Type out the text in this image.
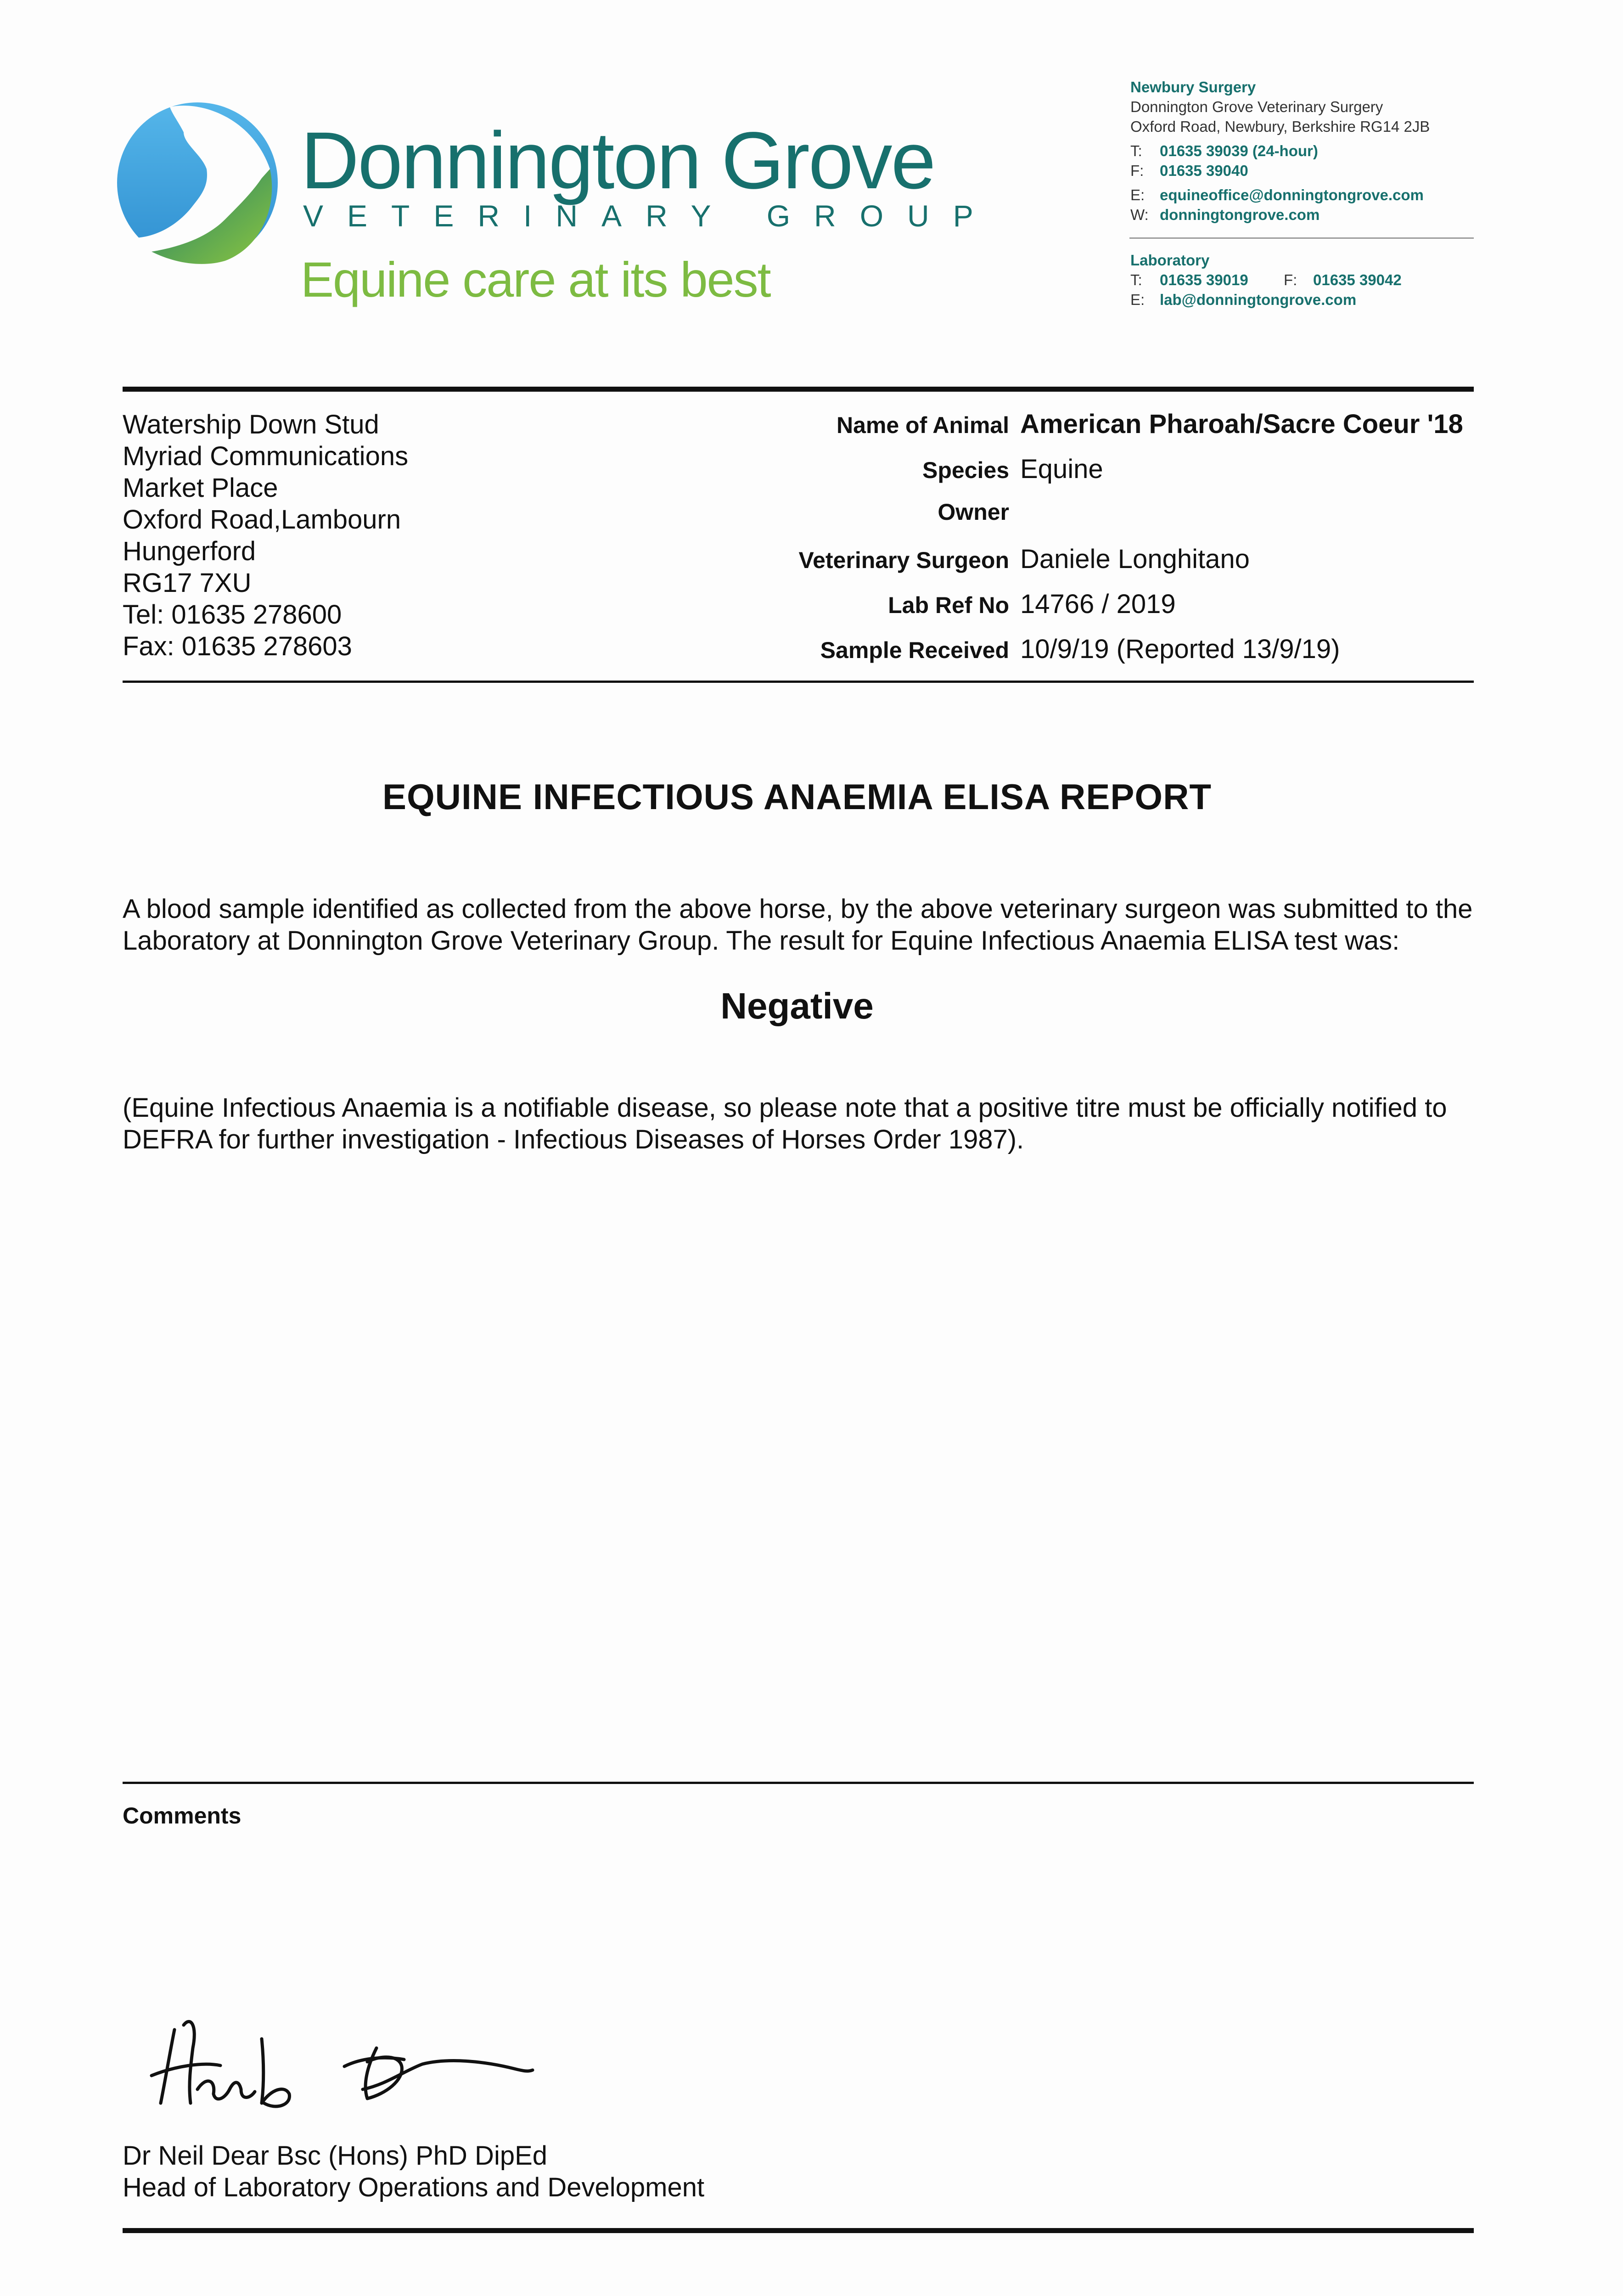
Donnington Grove
VETERINARY GROUP
Equine care at its best
Newbury Surgery
Donnington Grove Veterinary Surgery
Oxford Road, Newbury, Berkshire RG14 2JB
T: 01635 39039 (24-hour)
F: 01635 39040
E: equineoffice@donningtongrove.com
W: donningtongrove.com
Laboratory
T: 01635 39019 F: 01635 39042
E: lab@donningtongrove.com
Watership Down Stud
Myriad Communications
Market Place
Oxford Road,Lambourn
Hungerford
RG17 7XU
Tel: 01635 278600
Fax: 01635 278603
Name of Animal American Pharoah/Sacre Coeur '18
Species Equine
Owner
Veterinary Surgeon Daniele Longhitano
Lab Ref No 14766 / 2019
Sample Received 10/9/19 (Reported 13/9/19)
EQUINE INFECTIOUS ANAEMIA ELISA REPORT
A blood sample identified as collected from the above horse, by the above veterinary surgeon was submitted to the Laboratory at Donnington Grove Veterinary Group. The result for Equine Infectious Anaemia ELISA test was:
Negative
(Equine Infectious Anaemia is a notifiable disease, so please note that a positive titre must be officially notified to DEFRA for further investigation - Infectious Diseases of Horses Order 1987).
Comments
Dr Neil Dear Bsc (Hons) PhD DipEd
Head of Laboratory Operations and Development
